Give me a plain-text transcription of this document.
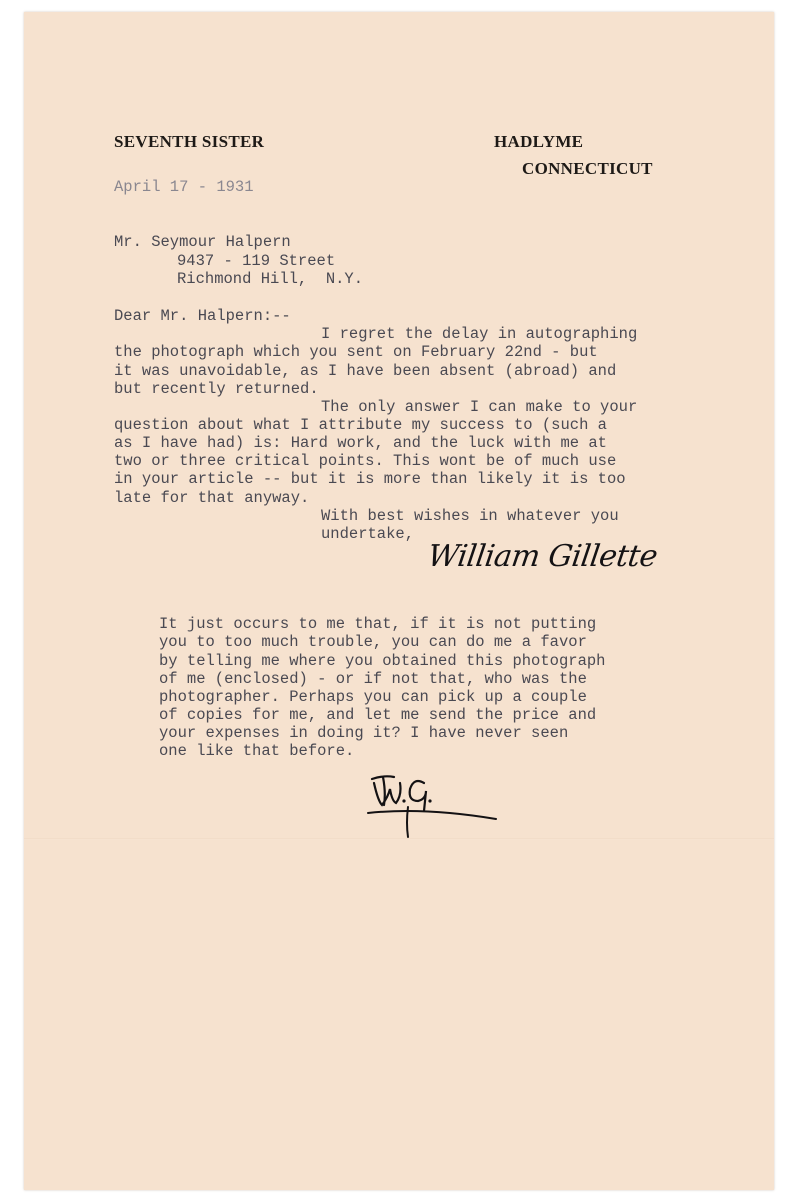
SEVENTH SISTER	HADLYME

CONNECTICUT

April 17 - 1931

Mr. Seymour Halpern

9437 - 119 Street

Richmond Hill,  N.Y.

Dear Mr. Halpern:--

I regret the delay in autographing

the photograph which you sent on February 22nd - but

it was unavoidable, as I have been absent (abroad) and

but recently returned.

The only answer I can make to your

question about what I attribute my success to (such a

as I have had) is: Hard work, and the luck with me at

two or three critical points. This wont be of much use

in your article -- but it is more than likely it is too

late for that anyway.

With best wishes in whatever you

undertake,

William Gillette

It just occurs to me that, if it is not putting

you to too much trouble, you can do me a favor

by telling me where you obtained this photograph

of me (enclosed) - or if not that, who was the

photographer. Perhaps you can pick up a couple

of copies for me, and let me send the price and

your expenses in doing it? I have never seen

one like that before.
